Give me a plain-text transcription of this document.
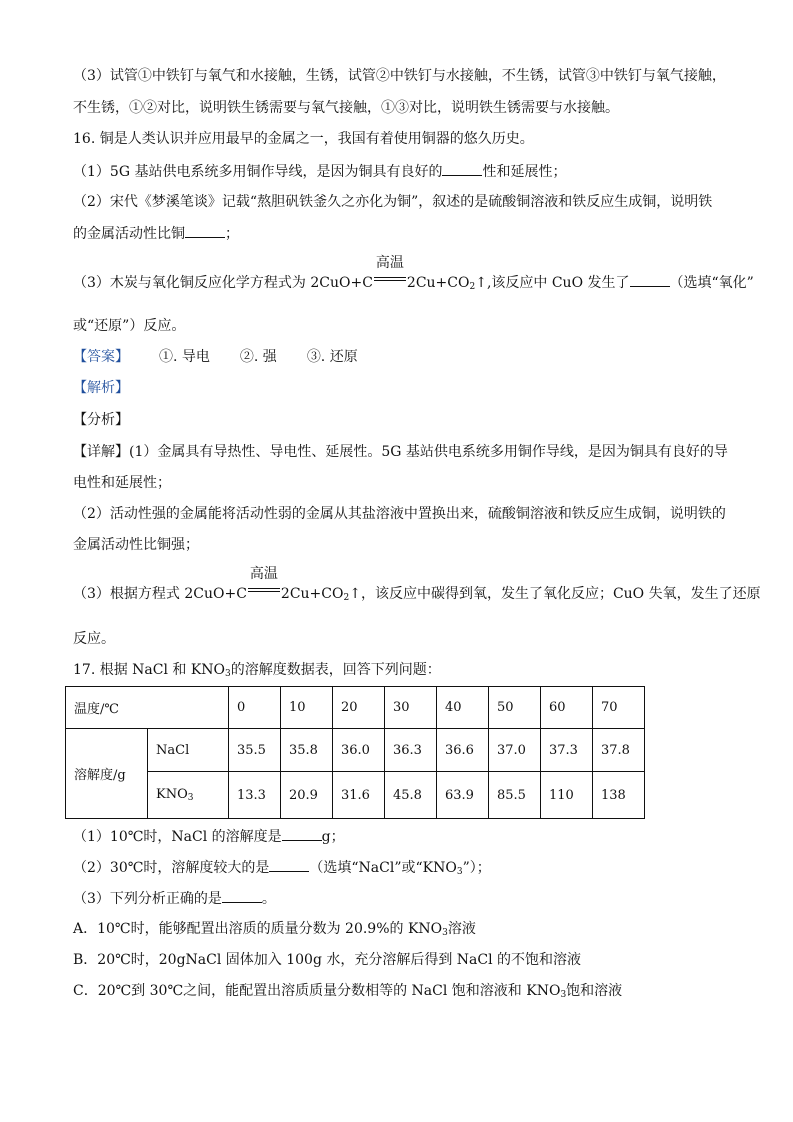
（3）试管①中铁钉与氧气和水接触，生锈，试管②中铁钉与水接触，不生锈，试管③中铁钉与氧气接触，
不生锈，①②对比，说明铁生锈需要与氧气接触，①③对比，说明铁生锈需要与水接触。
16. 铜是人类认识并应用最早的金属之一，我国有着使用铜器的悠久历史。
（1）5G 基站供电系统多用铜作导线，是因为铜具有良好的	性和延展性；
（2）宋代《梦溪笔谈》记载“熬胆矾铁釜久之亦化为铜”，叙述的是硫酸铜溶液和铁反应生成铜，说明铁
的金属活动性比铜	；
（3）木炭与氧化铜反应化学方程式为 2CuO+C
高温
$2Cu+CO_2↑$,该反应中 CuO 发生了	（选填“氧化”
或“还原”）反应。
【答案】 ①. 导电 ②. 强 ③. 还原
【解析】
【分析】
【详解】(1）金属具有导热性、导电性、延展性。5G 基站供电系统多用铜作导线，是因为铜具有良好的导
电性和延展性；
（2）活动性强的金属能将活动性弱的金属从其盐溶液中置换出来，硫酸铜溶液和铁反应生成铜，说明铁的
金属活动性比铜强；
（3）根据方程式 2CuO+C
高温
$2Cu+CO_2↑$，该反应中碳得到氧，发生了氧化反应；CuO 失氧，发生了还原
反应。
17. 根据 NaCl 和 $KNO_3$的溶解度数据表，回答下列问题：
温度/℃		0	10	20	30	40	50	60	70
溶解度/g	NaCl	35.5	35.8	36.0	36.3	36.6	37.0	37.3	37.8
	$KNO_3$	13.3	20.9	31.6	45.8	63.9	85.5	110	138
（1）10℃时，NaCl 的溶解度是	g；
（2）30℃时，溶解度较大的是	（选填“NaCl”或“$KNO_3$”）；
（3）下列分析正确的是	。
A．10℃时，能够配置出溶质的质量分数为 20.9%的 $KNO_3$溶液
B．20℃时，20gNaCl 固体加入 100g 水，充分溶解后得到 NaCl 的不饱和溶液
C．20℃到 30℃之间，能配置出溶质质量分数相等的 NaCl 饱和溶液和 $KNO_3$饱和溶液
